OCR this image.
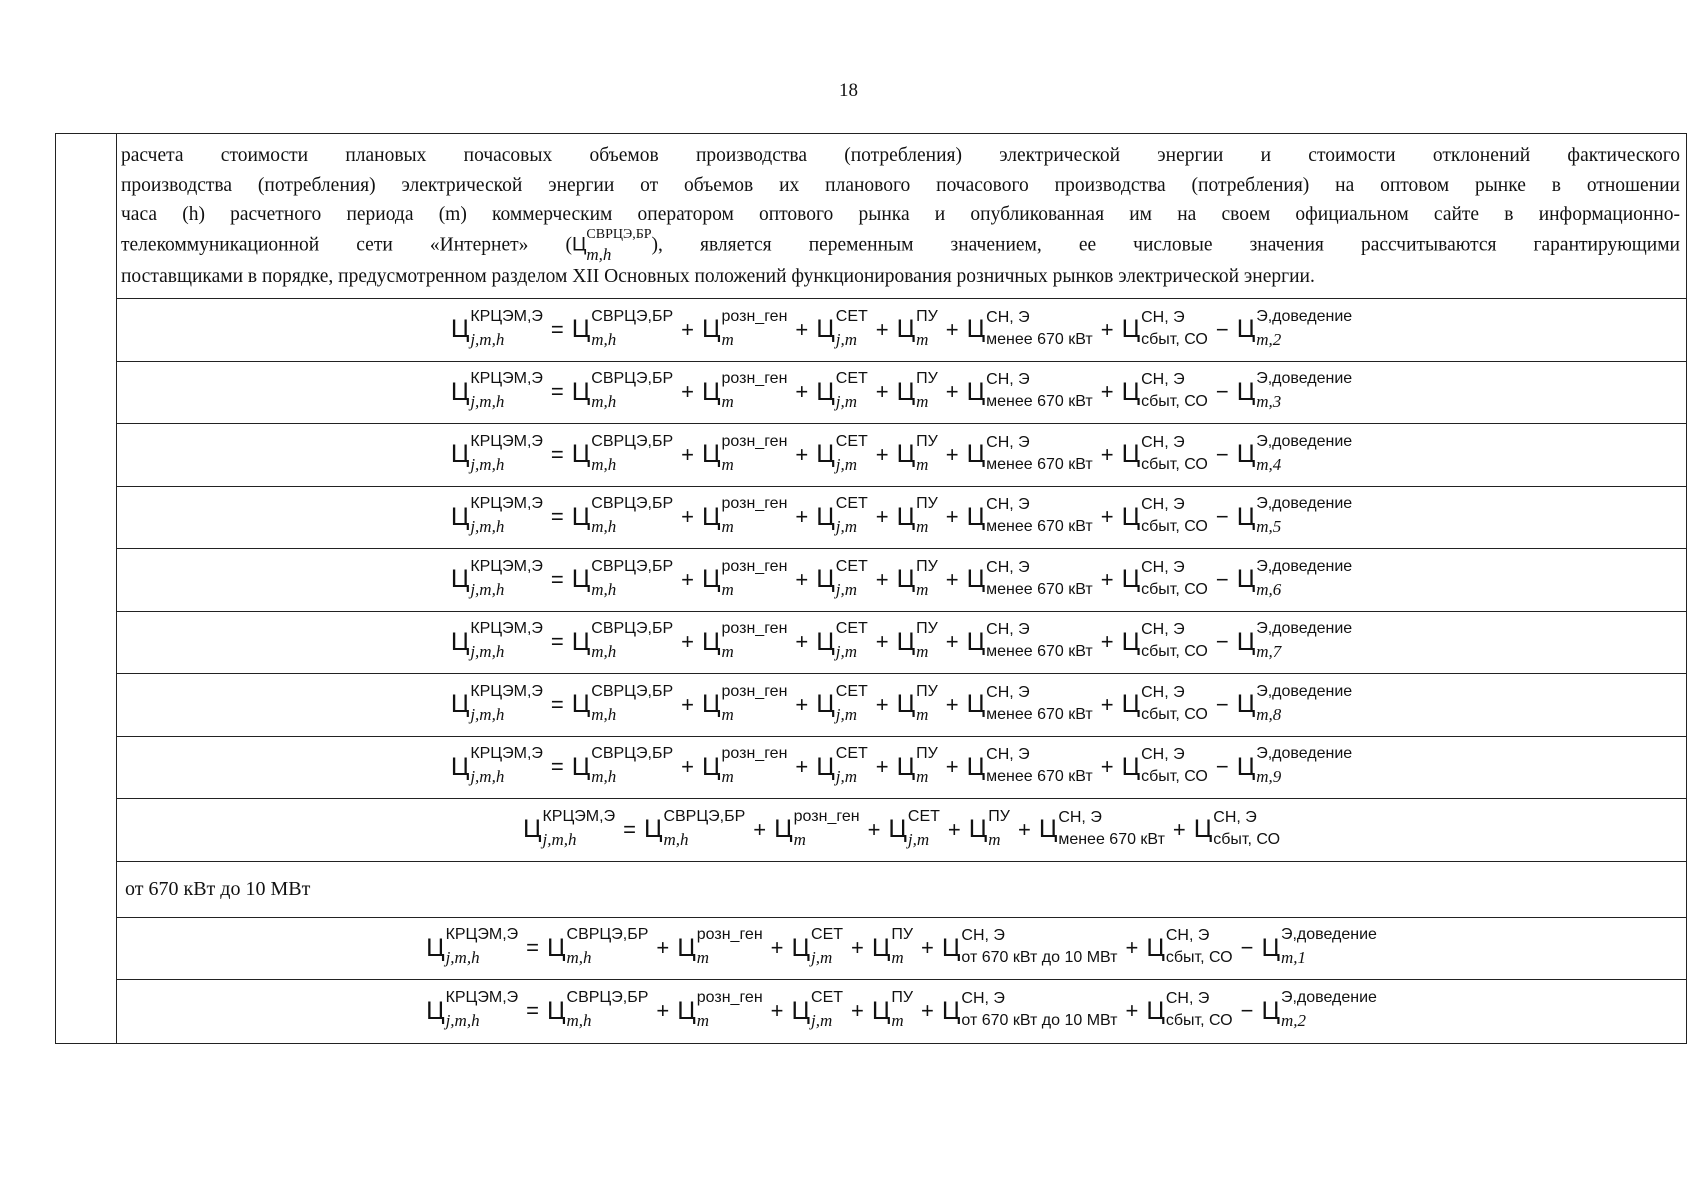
18
расчета стоимости плановых почасовых объемов производства (потребления) электрической энергии и стоимости отклонений фактического
производства (потребления) электрической энергии от объемов их планового почасового производства (потребления) на оптовом рынке в отношении
часа (h) расчетного периода (m) коммерческим оператором оптового рынка и опубликованная им на своем официальном сайте в информационно-
телекоммуникационной сети «Интернет» (Ц СВРЦЭ,БР
m,h	), является переменным значением, ее числовые значения рассчитываются гарантирующими
поставщиками в порядке, предусмотренном разделом XII Основных положений функционирования розничных рынков электрической энергии.
Ц КРЦЭМ,Э
j,m,h	= Ц СВРЦЭ,БР
m,h	+ Ц розн_ген
m	+ Ц СЕТ
j,m + Ц ПУ
m + Ц СН, Э
менее 670 кВт + Ц СН, Э
сбыт, СО − Ц Э,доведение
m,2
Ц КРЦЭМ,Э
j,m,h	= Ц СВРЦЭ,БР
m,h	+ Ц розн_ген
m	+ Ц СЕТ
j,m + Ц ПУ
m + Ц СН, Э
менее 670 кВт + Ц СН, Э
сбыт, СО − Ц Э,доведение
m,3
Ц КРЦЭМ,Э
j,m,h	= Ц СВРЦЭ,БР
m,h	+ Ц розн_ген
m	+ Ц СЕТ
j,m + Ц ПУ
m + Ц СН, Э
менее 670 кВт + Ц СН, Э
сбыт, СО − Ц Э,доведение
m,4
Ц КРЦЭМ,Э
j,m,h	= Ц СВРЦЭ,БР
m,h	+ Ц розн_ген
m	+ Ц СЕТ
j,m + Ц ПУ
m + Ц СН, Э
менее 670 кВт + Ц СН, Э
сбыт, СО − Ц Э,доведение
m,5
Ц КРЦЭМ,Э
j,m,h	= Ц СВРЦЭ,БР
m,h	+ Ц розн_ген
m	+ Ц СЕТ
j,m + Ц ПУ
m + Ц СН, Э
менее 670 кВт + Ц СН, Э
сбыт, СО − Ц Э,доведение
m,6
Ц КРЦЭМ,Э
j,m,h	= Ц СВРЦЭ,БР
m,h	+ Ц розн_ген
m	+ Ц СЕТ
j,m + Ц ПУ
m + Ц СН, Э
менее 670 кВт + Ц СН, Э
сбыт, СО − Ц Э,доведение
m,7
Ц КРЦЭМ,Э
j,m,h	= Ц СВРЦЭ,БР
m,h	+ Ц розн_ген
m	+ Ц СЕТ
j,m + Ц ПУ
m + Ц СН, Э
менее 670 кВт + Ц СН, Э
сбыт, СО − Ц Э,доведение
m,8
Ц КРЦЭМ,Э
j,m,h	= Ц СВРЦЭ,БР
m,h	+ Ц розн_ген
m	+ Ц СЕТ
j,m + Ц ПУ
m + Ц СН, Э
менее 670 кВт + Ц СН, Э
сбыт, СО − Ц Э,доведение
m,9
Ц КРЦЭМ,Э
j,m,h	= Ц СВРЦЭ,БР
m,h	+ Ц розн_ген
m	+ Ц СЕТ
j,m + Ц ПУ
m + Ц СН, Э
менее 670 кВт + Ц СН, Э
сбыт, СО
от 670 кВт до 10 МВт
Ц КРЦЭМ,Э
j,m,h	= Ц СВРЦЭ,БР
m,h	+ Ц розн_ген
m	+ Ц СЕТ
j,m + Ц ПУ
m + Ц СН, Э
от 670 кВт до 10 МВт + Ц СН, Э
сбыт, СО − Ц Э,доведение
m,1
Ц КРЦЭМ,Э
j,m,h	= Ц СВРЦЭ,БР
m,h	+ Ц розн_ген
m	+ Ц СЕТ
j,m + Ц ПУ
m + Ц СН, Э
от 670 кВт до 10 МВт + Ц СН, Э
сбыт, СО − Ц Э,доведение
m,2
